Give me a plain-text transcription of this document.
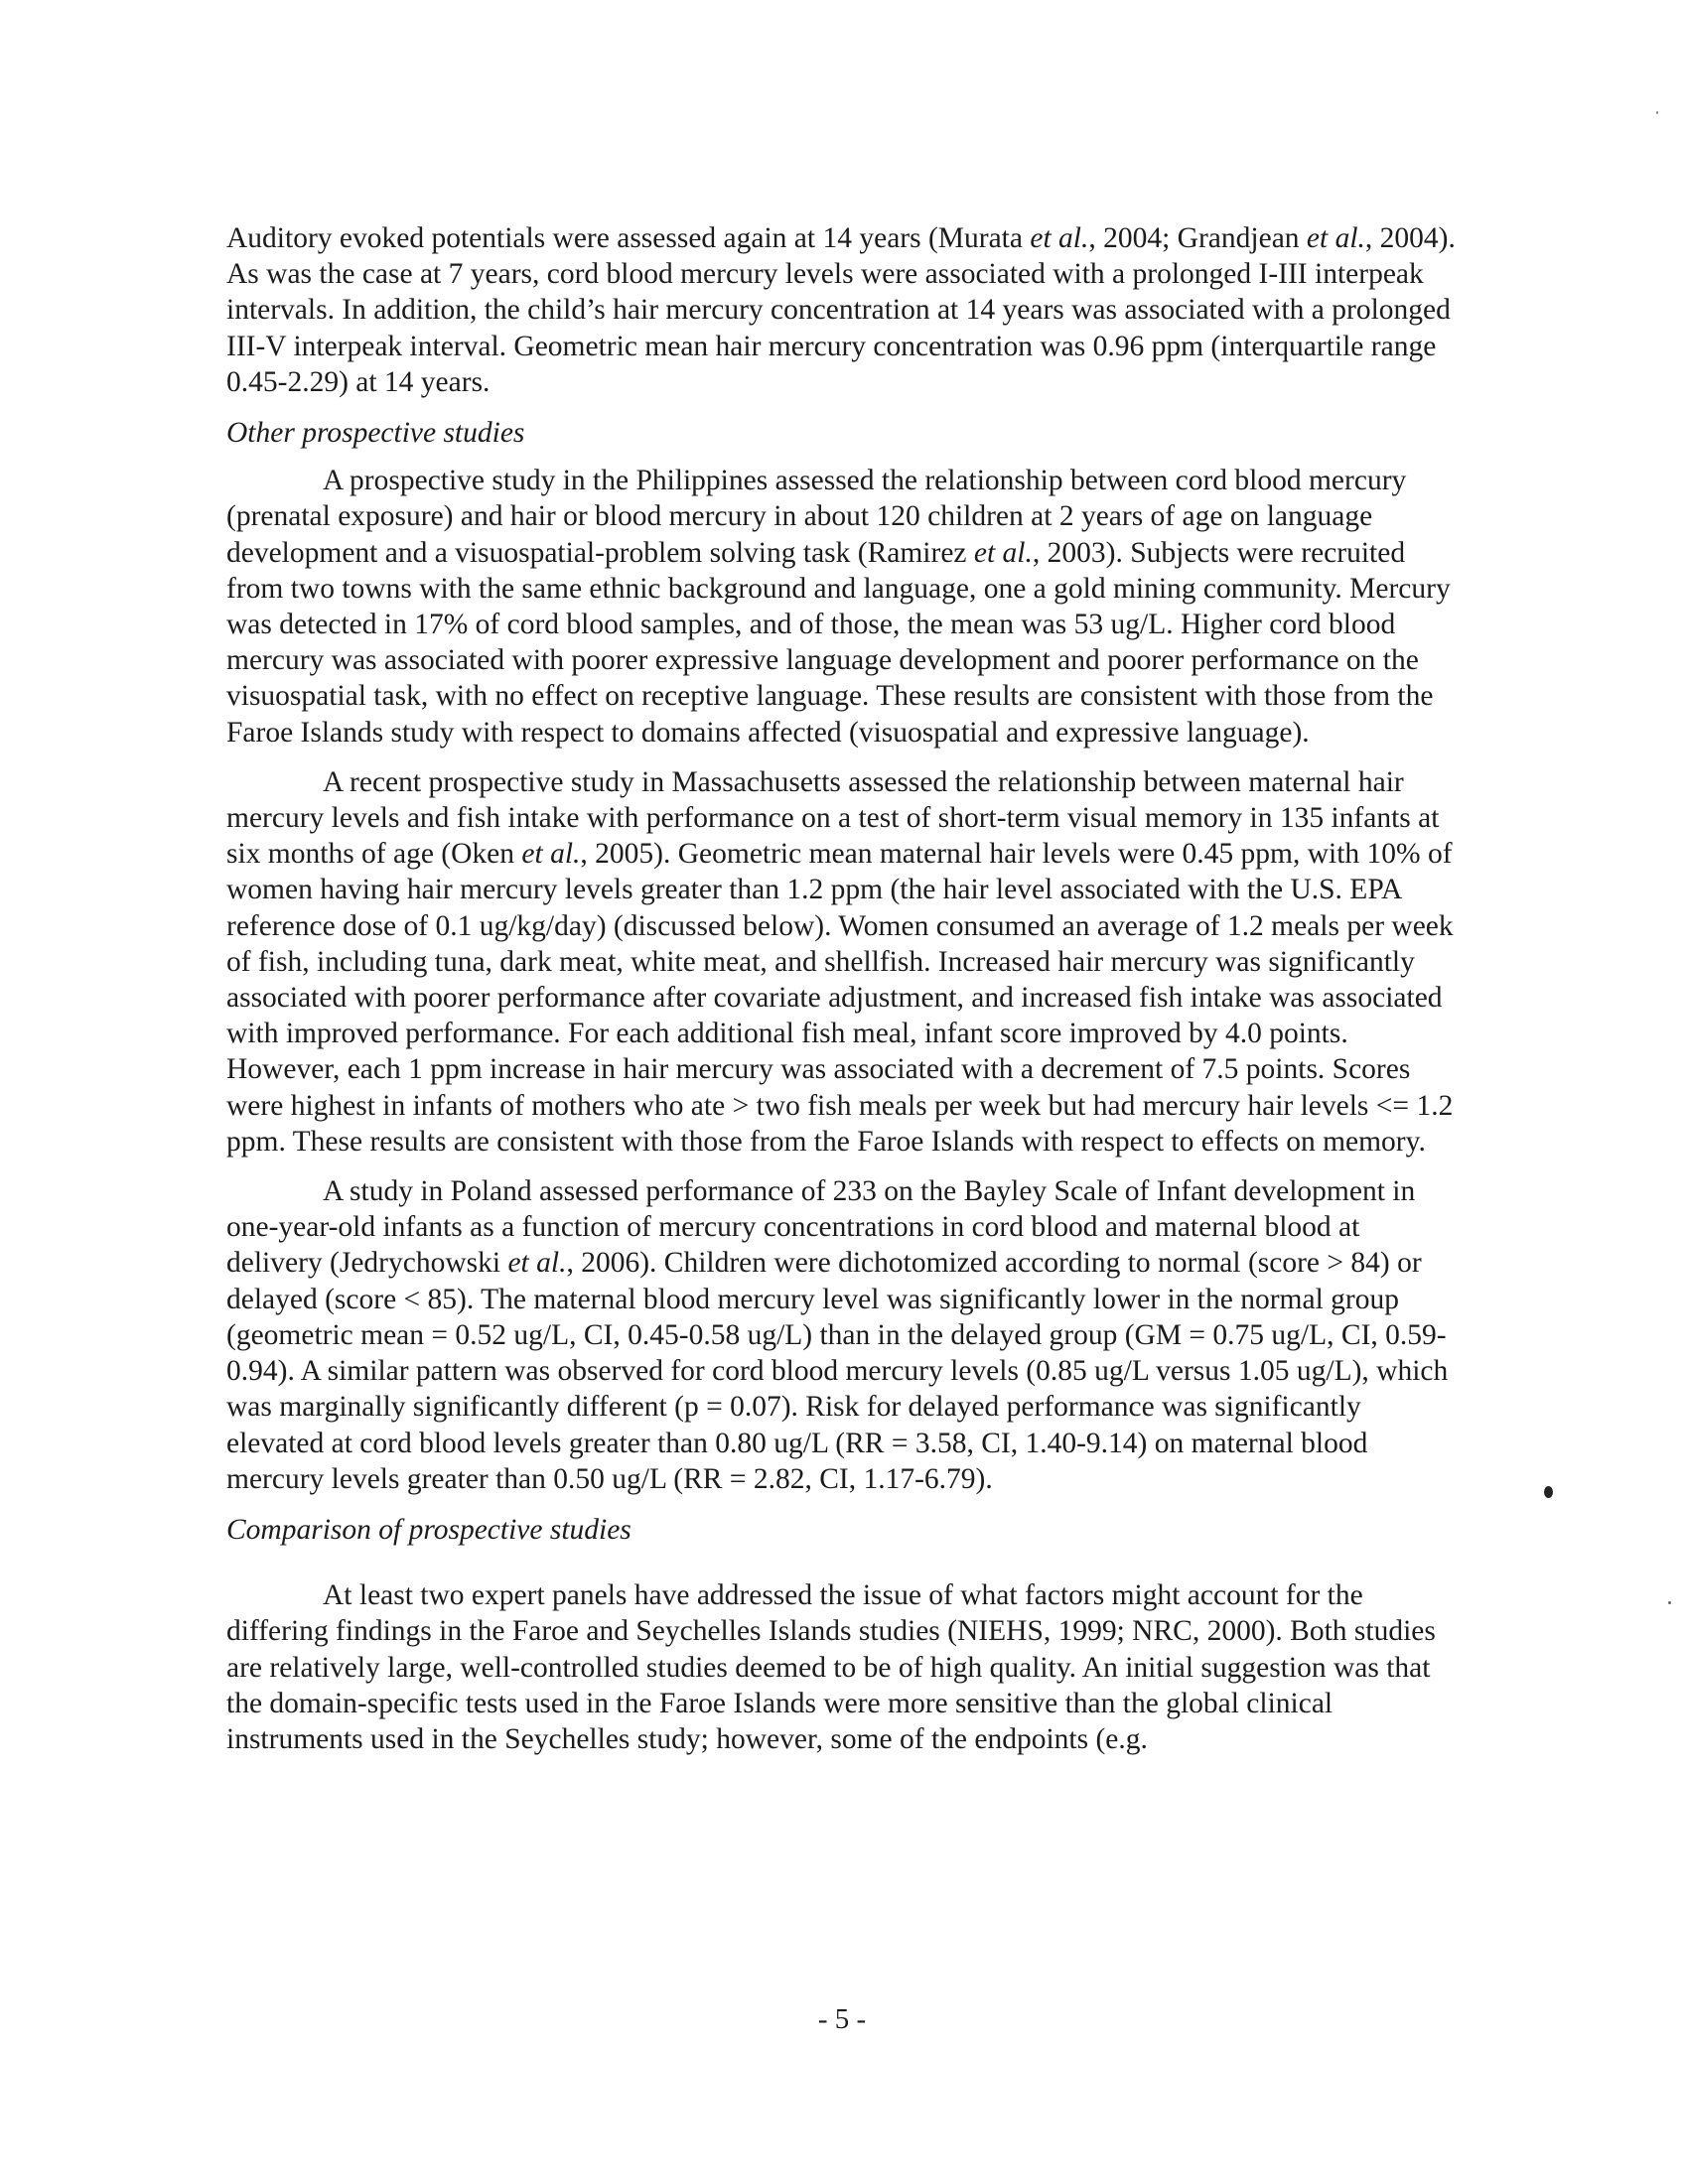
Auditory evoked potentials were assessed again at 14 years (Murata et al., 2004; Grandjean et al., 2004). As was the case at 7 years, cord blood mercury levels were associated with a prolonged I-III interpeak intervals. In addition, the child’s hair mercury concentration at 14 years was associated with a prolonged III-V interpeak interval. Geometric mean hair mercury concentration was 0.96 ppm (interquartile range 0.45-2.29) at 14 years.

Other prospective studies

A prospective study in the Philippines assessed the relationship between cord blood mercury (prenatal exposure) and hair or blood mercury in about 120 children at 2 years of age on language development and a visuospatial-problem solving task (Ramirez et al., 2003). Subjects were recruited from two towns with the same ethnic background and language, one a gold mining community. Mercury was detected in 17% of cord blood samples, and of those, the mean was 53 ug/L. Higher cord blood mercury was associated with poorer expressive language development and poorer performance on the visuospatial task, with no effect on receptive language. These results are consistent with those from the Faroe Islands study with respect to domains affected (visuospatial and expressive language).

A recent prospective study in Massachusetts assessed the relationship between maternal hair mercury levels and fish intake with performance on a test of short-term visual memory in 135 infants at six months of age (Oken et al., 2005). Geometric mean maternal hair levels were 0.45 ppm, with 10% of women having hair mercury levels greater than 1.2 ppm (the hair level associated with the U.S. EPA reference dose of 0.1 ug/kg/day) (discussed below). Women consumed an average of 1.2 meals per week of fish, including tuna, dark meat, white meat, and shellfish. Increased hair mercury was significantly associated with poorer performance after covariate adjustment, and increased fish intake was associated with improved performance. For each additional fish meal, infant score improved by 4.0 points. However, each 1 ppm increase in hair mercury was associated with a decrement of 7.5 points. Scores were highest in infants of mothers who ate > two fish meals per week but had mercury hair levels <= 1.2 ppm. These results are consistent with those from the Faroe Islands with respect to effects on memory.

A study in Poland assessed performance of 233 on the Bayley Scale of Infant development in one-year-old infants as a function of mercury concentrations in cord blood and maternal blood at delivery (Jedrychowski et al., 2006). Children were dichotomized according to normal (score > 84) or delayed (score < 85). The maternal blood mercury level was significantly lower in the normal group (geometric mean = 0.52 ug/L, CI, 0.45-0.58 ug/L) than in the delayed group (GM = 0.75 ug/L, CI, 0.59-0.94). A similar pattern was observed for cord blood mercury levels (0.85 ug/L versus 1.05 ug/L), which was marginally significantly different (p = 0.07). Risk for delayed performance was significantly elevated at cord blood levels greater than 0.80 ug/L (RR = 3.58, CI, 1.40-9.14) on maternal blood mercury levels greater than 0.50 ug/L (RR = 2.82, CI, 1.17-6.79).

Comparison of prospective studies

At least two expert panels have addressed the issue of what factors might account for the differing findings in the Faroe and Seychelles Islands studies (NIEHS, 1999; NRC, 2000). Both studies are relatively large, well-controlled studies deemed to be of high quality. An initial suggestion was that the domain-specific tests used in the Faroe Islands were more sensitive than the global clinical instruments used in the Seychelles study; however, some of the endpoints (e.g.

- 5 -
